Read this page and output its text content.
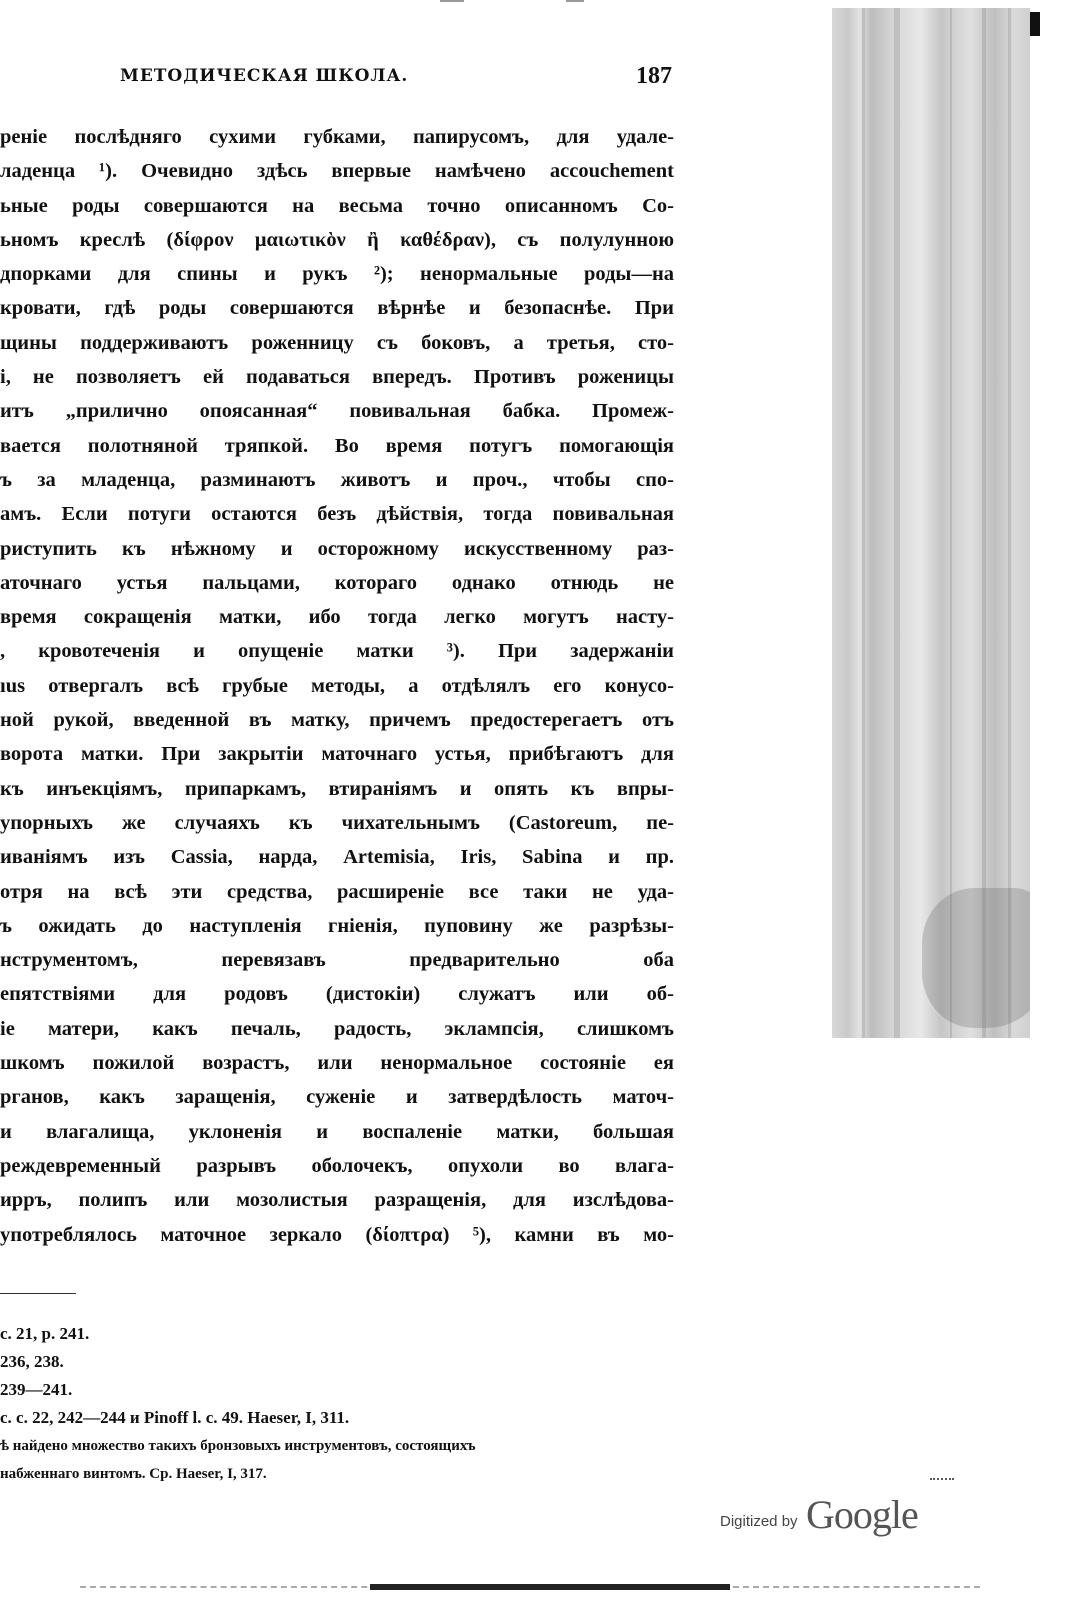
МЕТОДИЧЕСКАЯ ШКОЛА.	187
реніе послѣдняго сухими губками, папирусомъ, для удале-
ладенца ¹). Очевидно здѣсь впервые намѣчено accouchement
ьные роды совершаются на весьма точно описанномъ Со-
ьномъ креслѣ (δίφρον μαιωτικὸν ἢ καθέδραν), съ полулунною
дпорками для спины и рукъ ²); ненормальные роды—на
кровати, гдѣ роды совершаются вѣрнѣе и безопаснѣе. При
щины поддерживаютъ роженницу съ боковъ, а третья, сто-
і, не позволяетъ ей подаваться впередъ. Противъ роженицы
итъ „прилично опоясанная“ повивальная бабка. Промеж-
вается полотняной тряпкой. Во время потугъ помогающія
ъ за младенца, разминаютъ животъ и проч., чтобы спо-
амъ. Если потуги остаются безъ дѣйствія, тогда повивальная
риступить къ нѣжному и осторожному искусственному раз-
аточнаго устья пальцами, котораго однако отнюдь не
время сокращенія матки, ибо тогда легко могутъ насту-
, кровотеченія и опущеніе матки ³). При задержаніи
ıus отвергалъ всѣ грубые методы, а отдѣлялъ его конусо-
ной рукой, введенной въ матку, причемъ предостерегаетъ отъ
ворота матки. При закрытіи маточнаго устья, прибѣгаютъ для
къ инъекціямъ, припаркамъ, втираніямъ и опять къ впры-
упорныхъ же случаяхъ къ чихательнымъ (Castoreum, пе-
иваніямъ изъ Cassia, нарда, Artemisia, Iris, Sabina и пр.
отря на всѣ эти средства, расширеніе все таки не уда-
ъ ожидать до наступленія гніенія, пуповину же разрѣзы-
нструментомъ, перевязавъ предварительно оба
епятствіями для родовъ (дистокіи) служатъ или об-
іе матери, какъ печаль, радость, эклампсія, слишкомъ
шкомъ пожилой возрастъ, или ненормальное состояніе ея
рганов, какъ заращенія, суженіе и затвердѣлость маточ-
и влагалища, уклоненія и воспаленіе матки, большая
реждевременный разрывъ оболочекъ, опухоли во влага-
ирръ, полипъ или мозолистыя разращенія, для изслѣдова-
употреблялось маточное зеркало (δίοπτρα) ⁵), камни въ мо-
c. 21, p. 241.
236, 238.
239—241.
c. c. 22, 242—244 и Pinoff l. c. 49. Haeser, I, 311.
ѣ найдено множество такихъ бронзовыхъ инструментовъ, состоящихъ
набженнаго винтомъ. Ср. Haeser, I, 317.
Digitized by Google
